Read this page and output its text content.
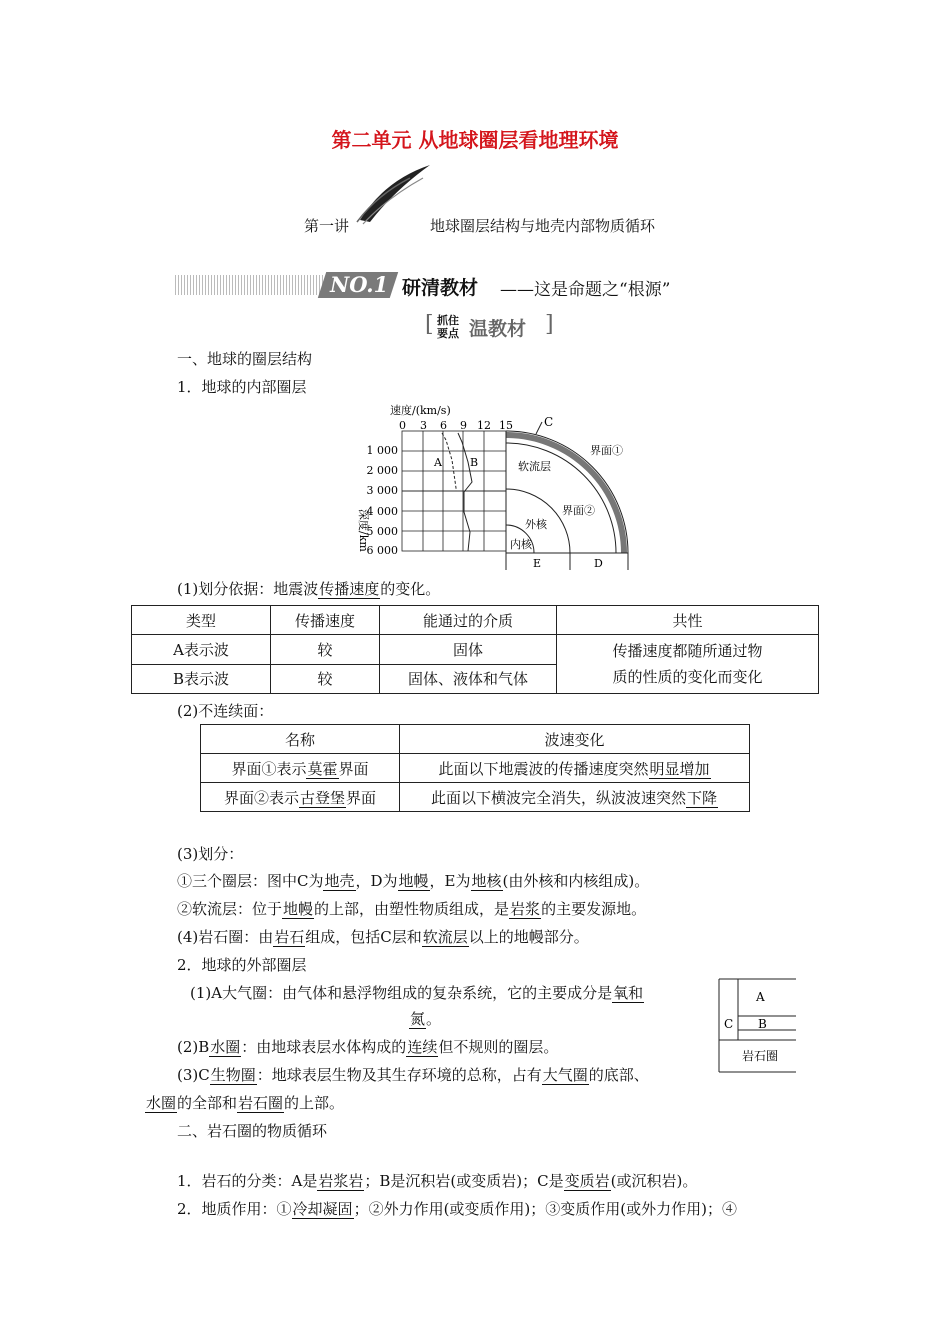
第二单元 从地球圈层看地理环境
第一讲	地球圈层结构与地壳内部物质循环
NO.1 研清教材 ——这是命题之“根源”
[ 抓住
要点 温教材 ]
一、地球的圈层结构
1．地球的内部圈层
速度/(km/s)
0 3 6 9 12 15
1 000
2 000
3 000
4 000
5 000
6 000
深度/km
A	B
C
界面①
软流层
界面②
外核
内核
E	D
(1)划分依据：地震波传播速度的变化。
类型	传播速度	能通过的介质	共性
A表示波	较	固体	传播速度都随所通过物
质的性质的变化而变化
B表示波	较	固体、液体和气体	
(2)不连续面：
名称	波速变化
界面①表示莫霍界面	此面以下地震波的传播速度突然明显增加
界面②表示古登堡界面	此面以下横波完全消失，纵波波速突然下降
(3)划分：
①三个圈层：图中C为地壳，D为地幔，E为地核(由外核和内核组成)。
②软流层：位于地幔的上部，由塑性物质组成，是岩浆的主要发源地。
(4)岩石圈：由岩石组成，包括C层和软流层以上的地幔部分。
2．地球的外部圈层
(1)A大气圈：由气体和悬浮物组成的复杂系统，它的主要成分是氧和
氮。
(2)B水圈：由地球表层水体构成的连续但不规则的圈层。
(3)C生物圈：地球表层生物及其生存环境的总称，占有大气圈的底部、
水圈的全部和岩石圈的上部。
A
B
C
岩石圈
二、岩石圈的物质循环
1．岩石的分类：A是岩浆岩；B是沉积岩(或变质岩)；C是变质岩(或沉积岩)。
2．地质作用：①冷却凝固；②外力作用(或变质作用)；③变质作用(或外力作用)；④
